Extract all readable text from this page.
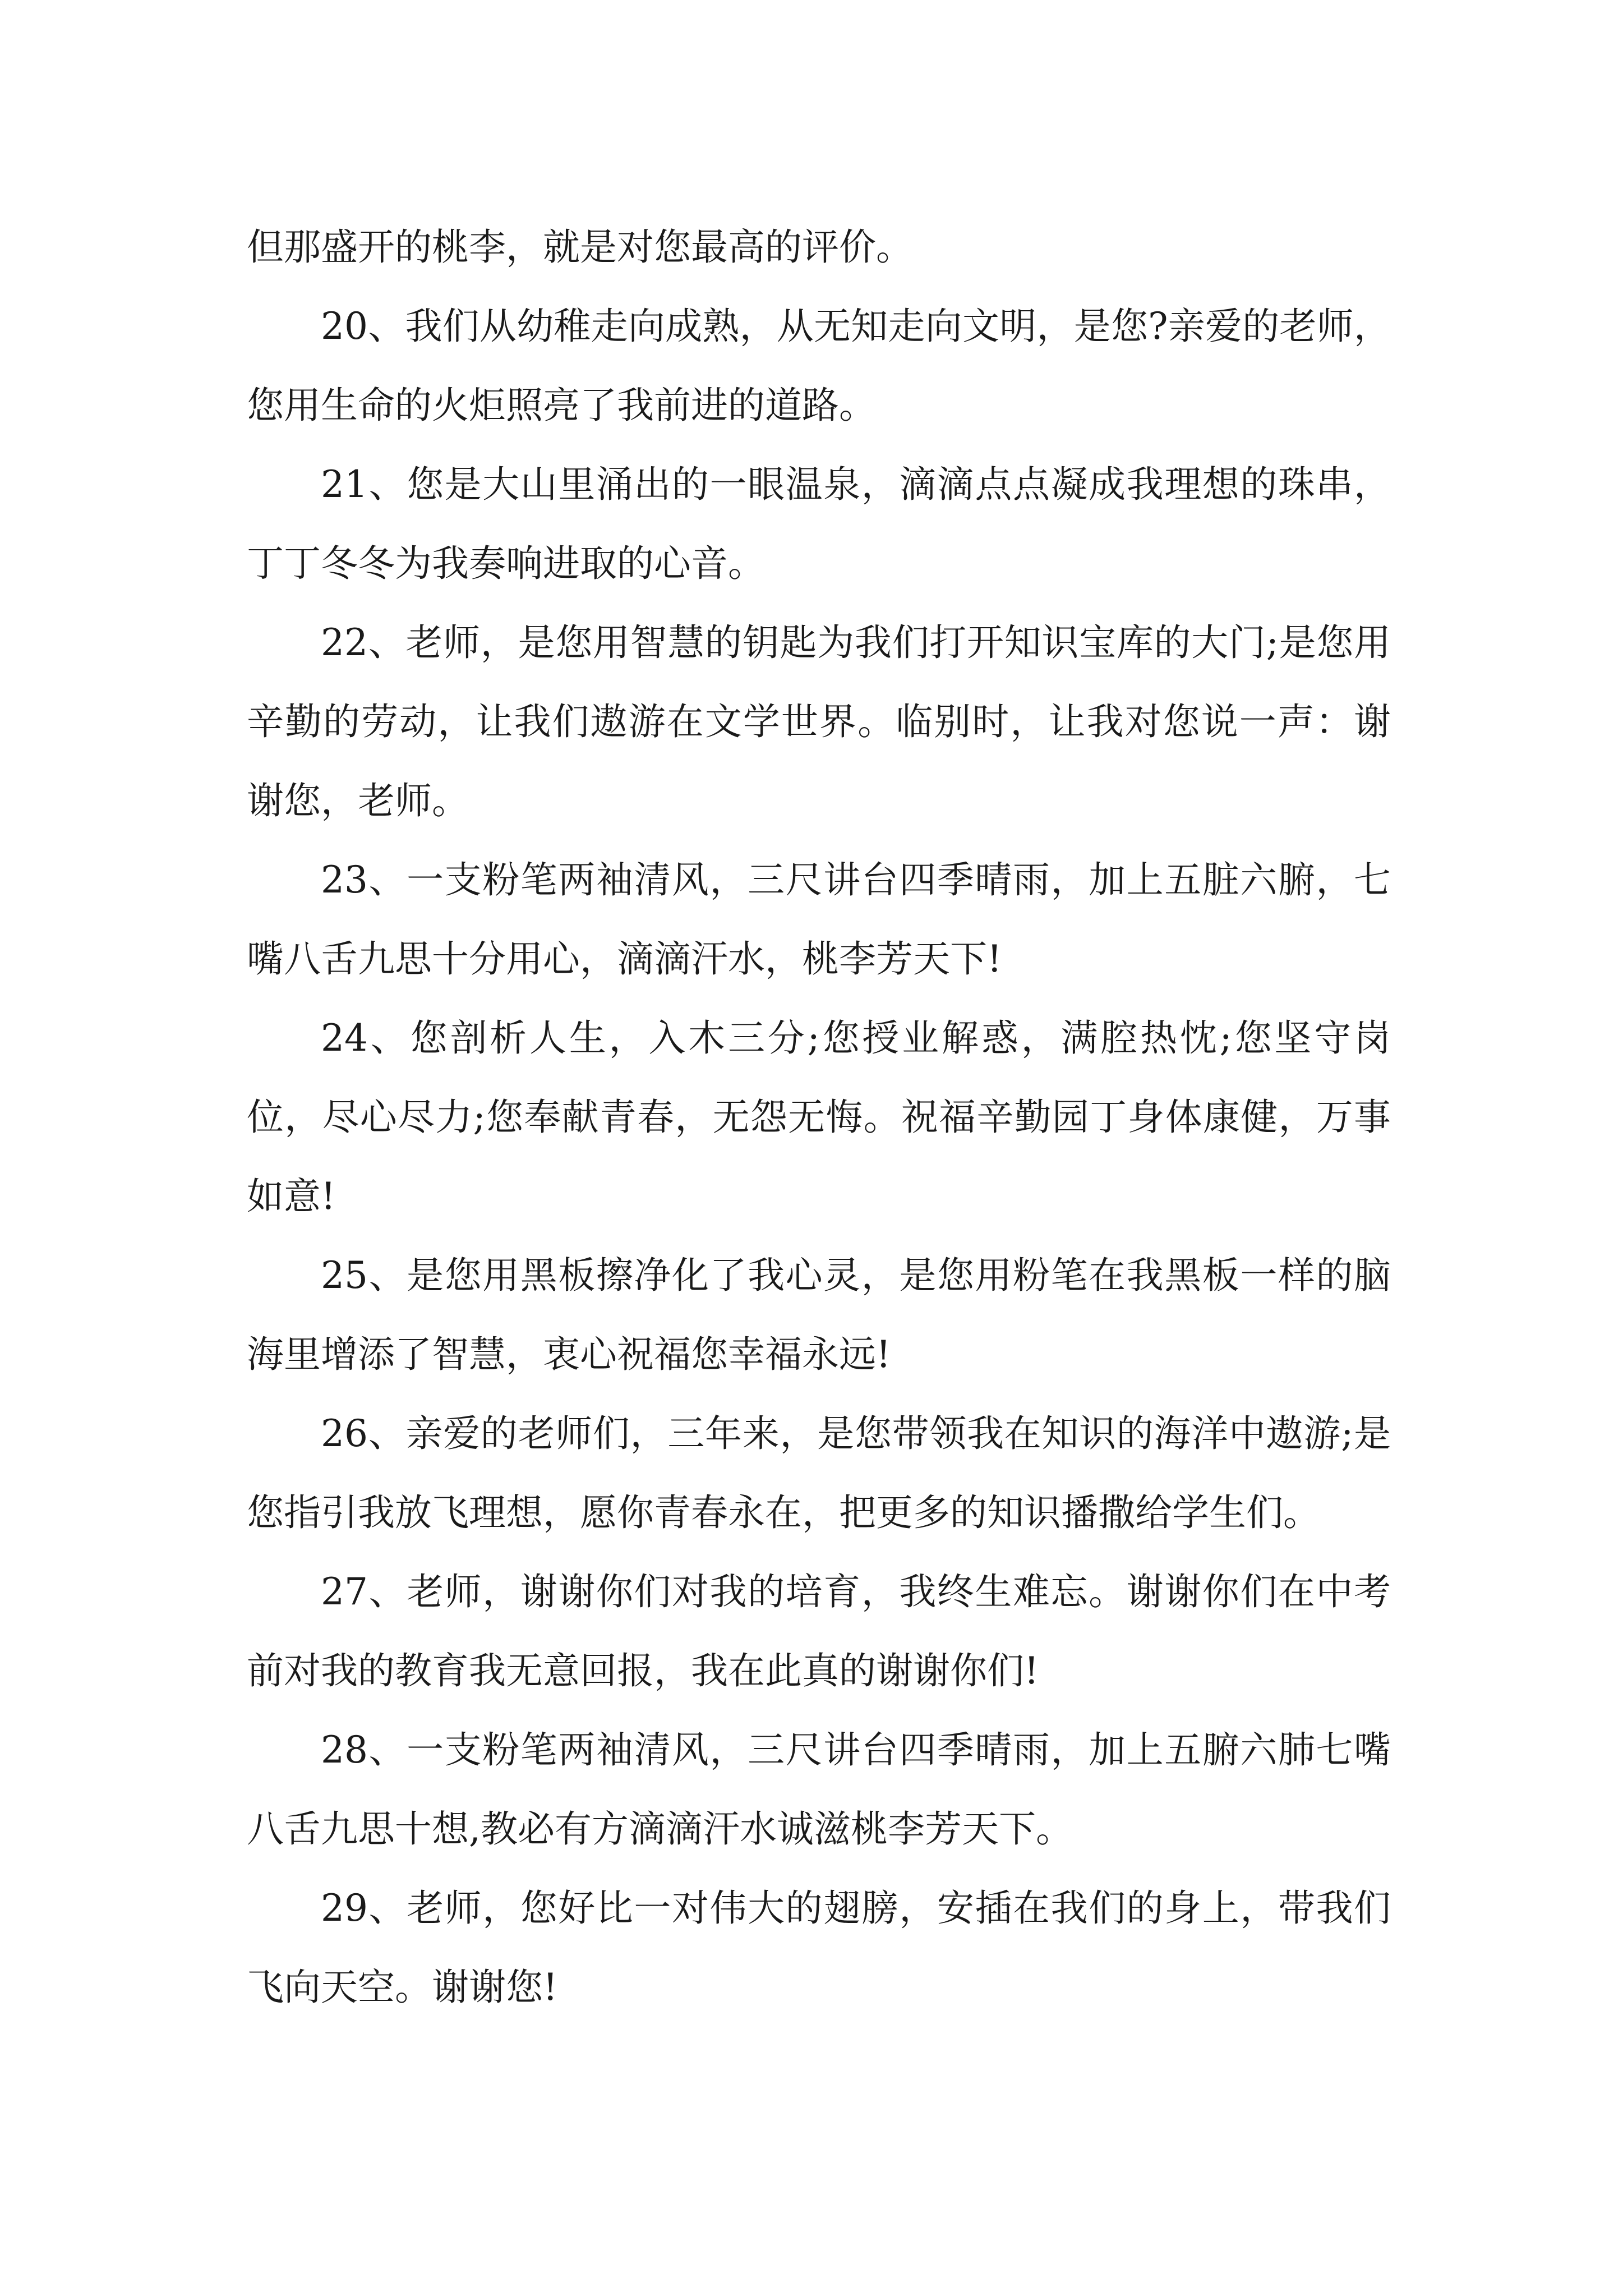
但那盛开的桃李，就是对您最高的评价。

20、我们从幼稚走向成熟，从无知走向文明，是您?亲爱的老师，您用生命的火炬照亮了我前进的道路。

21、您是大山里涌出的一眼温泉，滴滴点点凝成我理想的珠串，丁丁冬冬为我奏响进取的心音。

22、老师，是您用智慧的钥匙为我们打开知识宝库的大门;是您用辛勤的劳动，让我们遨游在文学世界。临别时，让我对您说一声：谢谢您，老师。

23、一支粉笔两袖清风，三尺讲台四季晴雨，加上五脏六腑，七嘴八舌九思十分用心，滴滴汗水，桃李芳天下!

24、您剖析人生，入木三分;您授业解惑，满腔热忱;您坚守岗位，尽心尽力;您奉献青春，无怨无悔。祝福辛勤园丁身体康健，万事如意!

25、是您用黑板擦净化了我心灵，是您用粉笔在我黑板一样的脑海里增添了智慧，衷心祝福您幸福永远!

26、亲爱的老师们，三年来，是您带领我在知识的海洋中遨游;是您指引我放飞理想，愿你青春永在，把更多的知识播撒给学生们。

27、老师，谢谢你们对我的培育，我终生难忘。谢谢你们在中考前对我的教育我无意回报，我在此真的谢谢你们!

28、一支粉笔两袖清风，三尺讲台四季晴雨，加上五腑六肺七嘴八舌九思十想,教必有方滴滴汗水诚滋桃李芳天下。

29、老师，您好比一对伟大的翅膀，安插在我们的身上，带我们飞向天空。谢谢您!
